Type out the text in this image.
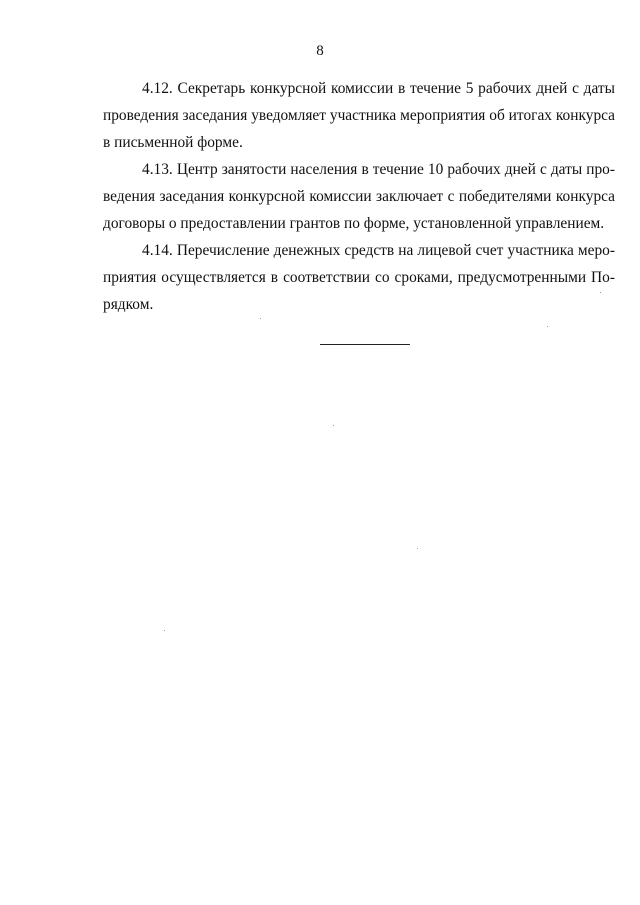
8

4.12. Секретарь конкурсной комиссии в течение 5 рабочих дней с даты
проведения заседания уведомляет участника мероприятия об итогах конкурса
в письменной форме.

4.13. Центр занятости населения в течение 10 рабочих дней с даты про-
ведения заседания конкурсной комиссии заключает с победителями конкурса
договоры о предоставлении грантов по форме, установленной управлением.

4.14. Перечисление денежных средств на лицевой счет участника меро-
приятия осуществляется в соответствии со сроками, предусмотренными По-
рядком.
